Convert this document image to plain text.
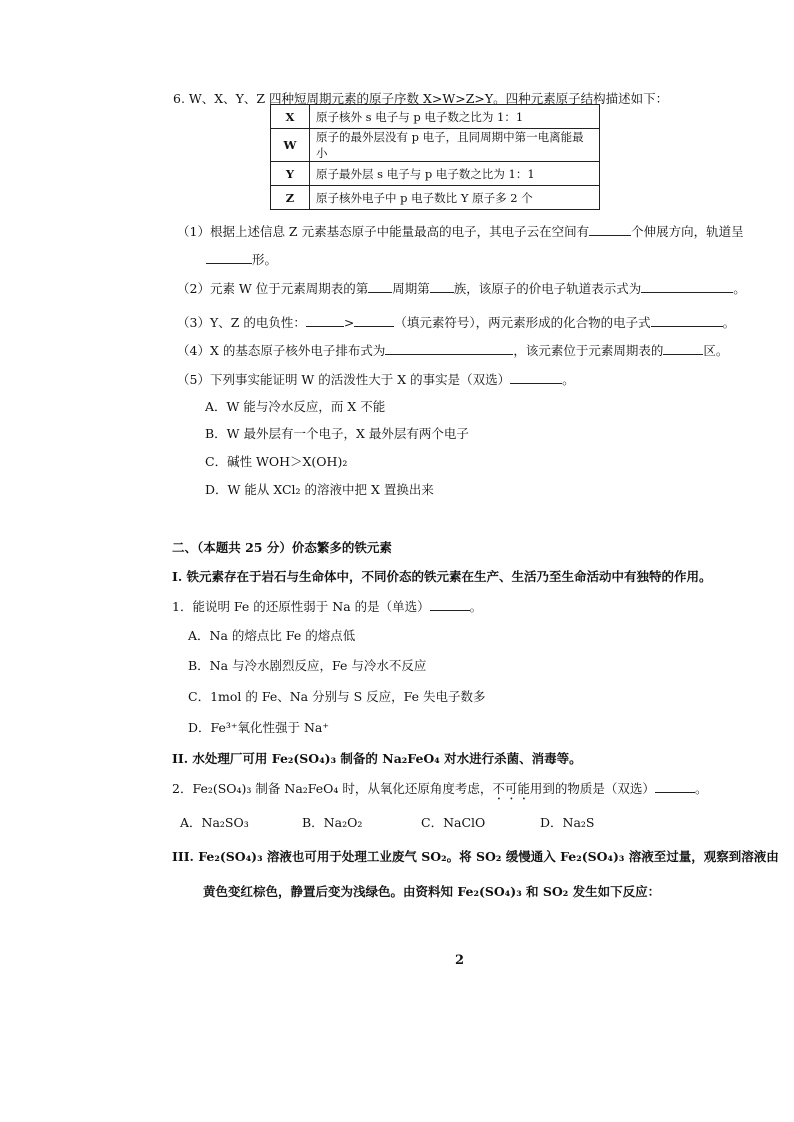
6. W、X、Y、Z 四种短周期元素的原子序数 X>W>Z>Y。四种元素原子结构描述如下：
X	原子核外 s 电子与 p 电子数之比为 1：1
W	原子的最外层没有 p 电子，且同周期中第一电离能最小
Y	原子最外层 s 电子与 p 电子数之比为 1：1
Z	原子核外电子中 p 电子数比 Y 原子多 2 个
（1）根据上述信息 Z 元素基态原子中能量最高的电子，其电子云在空间有	个伸展方向，轨道呈
形。
（2）元素 W 位于元素周期表的第 周期第 族，该原子的价电子轨道表示式为	。
（3）Y、Z 的电负性：	>	（填元素符号），两元素形成的化合物的电子式	。
（4）X 的基态原子核外电子排布式为	，该元素位于元素周期表的	区。
（5）下列事实能证明 W 的活泼性大于 X 的事实是（双选）	。
A．W 能与冷水反应，而 X 不能
B．W 最外层有一个电子，X 最外层有两个电子
C．碱性 WOH＞X(OH)₂
D．W 能从 XCl₂ 的溶液中把 X 置换出来
二、（本题共 25 分）价态繁多的铁元素
I. 铁元素存在于岩石与生命体中，不同价态的铁元素在生产、生活乃至生命活动中有独特的作用。
1．能说明 Fe 的还原性弱于 Na 的是（单选）	。
A．Na 的熔点比 Fe 的熔点低
B．Na 与冷水剧烈反应，Fe 与冷水不反应
C．1mol 的 Fe、Na 分别与 S 反应，Fe 失电子数多
D．Fe³⁺氧化性强于 Na⁺
II. 水处理厂可用 Fe₂(SO₄)₃ 制备的 Na₂FeO₄ 对水进行杀菌、消毒等。
2．Fe₂(SO₄)₃ 制备 Na₂FeO₄ 时，从氧化还原角度考虑，不可能用到的物质是（双选）	。
A．Na₂SO₃	B．Na₂O₂	C．NaClO	D．Na₂S
III. Fe₂(SO₄)₃ 溶液也可用于处理工业废气 SO₂。将 SO₂ 缓慢通入 Fe₂(SO₄)₃ 溶液至过量，观察到溶液由
黄色变红棕色，静置后变为浅绿色。由资料知 Fe₂(SO₄)₃ 和 SO₂ 发生如下反应：
2
